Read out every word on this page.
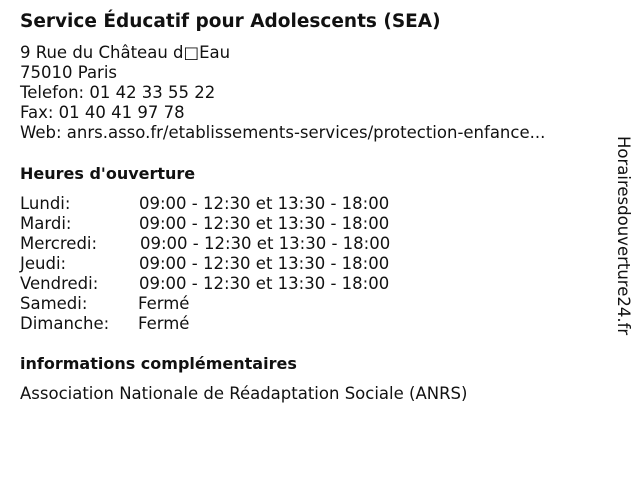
Service Éducatif pour Adolescents (SEA)
9 Rue du Château d□Eau
75010 Paris
Telefon: 01 42 33 55 22
Fax: 01 40 41 97 78
Web: anrs.asso.fr/etablissements-services/protection-enfance...
Heures d'ouverture
Lundi:	09:00 - 12:30 et 13:30 - 18:00
Mardi:	09:00 - 12:30 et 13:30 - 18:00
Mercredi:	09:00 - 12:30 et 13:30 - 18:00
Jeudi:	09:00 - 12:30 et 13:30 - 18:00
Vendredi: 09:00 - 12:30 et 13:30 - 18:00
Samedi:	Fermé
Dimanche: Fermé
informations complémentaires
Association Nationale de Réadaptation Sociale (ANRS)
Horairesdouverture24.fr
